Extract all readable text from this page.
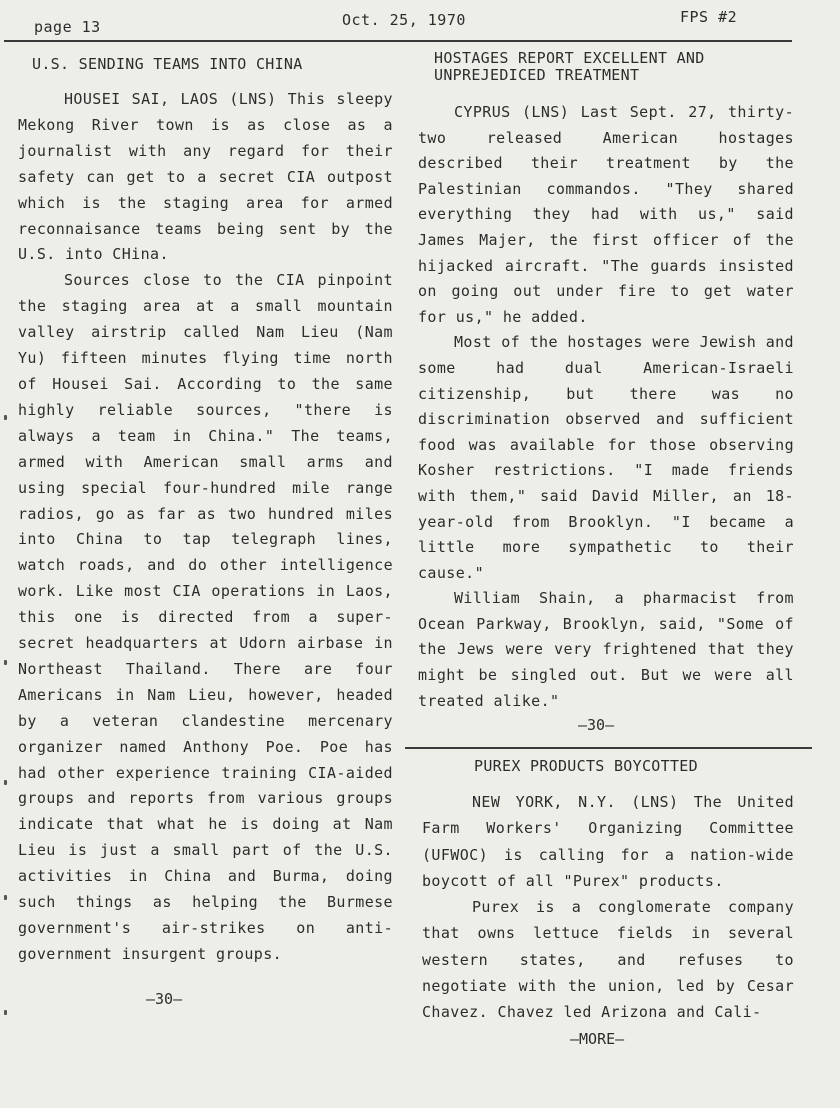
page 13	Oct. 25, 1970	FPS #2
U.S. SENDING TEAMS INTO CHINA

HOUSEI SAI, LAOS (LNS) This sleepy Mekong River town is as close as a journalist with any regard for their safety can get to a secret CIA outpost which is the staging area for armed reconnaisance teams being sent by the U.S. into CHina.

Sources close to the CIA pinpoint the staging area at a small mountain valley airstrip called Nam Lieu (Nam Yu) fifteen minutes flying time north of Housei Sai. According to the same highly reliable sources, "there is always a team in China." The teams, armed with American small arms and using special four-hundred mile range radios, go as far as two hundred miles into China to tap telegraph lines, watch roads, and do other intelligence work. Like most CIA operations in Laos, this one is directed from a super-secret headquarters at Udorn airbase in Northeast Thailand. There are four Americans in Nam Lieu, however, headed by a veteran clandestine mercenary organizer named Anthony Poe. Poe has had other experience training CIA-aided groups and reports from various groups indicate that what he is doing at Nam Lieu is just a small part of the U.S. activities in China and Burma, doing such things as helping the Burmese government's air-strikes on anti-government insurgent groups.

—30—
HOSTAGES REPORT EXCELLENT AND
UNPREJEDICED TREATMENT

CYPRUS (LNS) Last Sept. 27, thirty-two released American hostages described their treatment by the Palestinian commandos. "They shared everything they had with us," said James Majer, the first officer of the hijacked aircraft. "The guards insisted on going out under fire to get water for us," he added.

Most of the hostages were Jewish and some had dual American-Israeli citizenship, but there was no discrimination observed and sufficient food was available for those observing Kosher restrictions. "I made friends with them," said David Miller, an 18-year-old from Brooklyn. "I became a little more sympathetic to their cause."

William Shain, a pharmacist from Ocean Parkway, Brooklyn, said, "Some of the Jews were very frightened that they might be singled out. But we were all treated alike."

—30—
PUREX PRODUCTS BOYCOTTED

NEW YORK, N.Y. (LNS) The United Farm Workers' Organizing Committee (UFWOC) is calling for a nation-wide boycott of all "Purex" products.

Purex is a conglomerate company that owns lettuce fields in several western states, and refuses to negotiate with the union, led by Cesar Chavez. Chavez led Arizona and Cali-

—MORE—
